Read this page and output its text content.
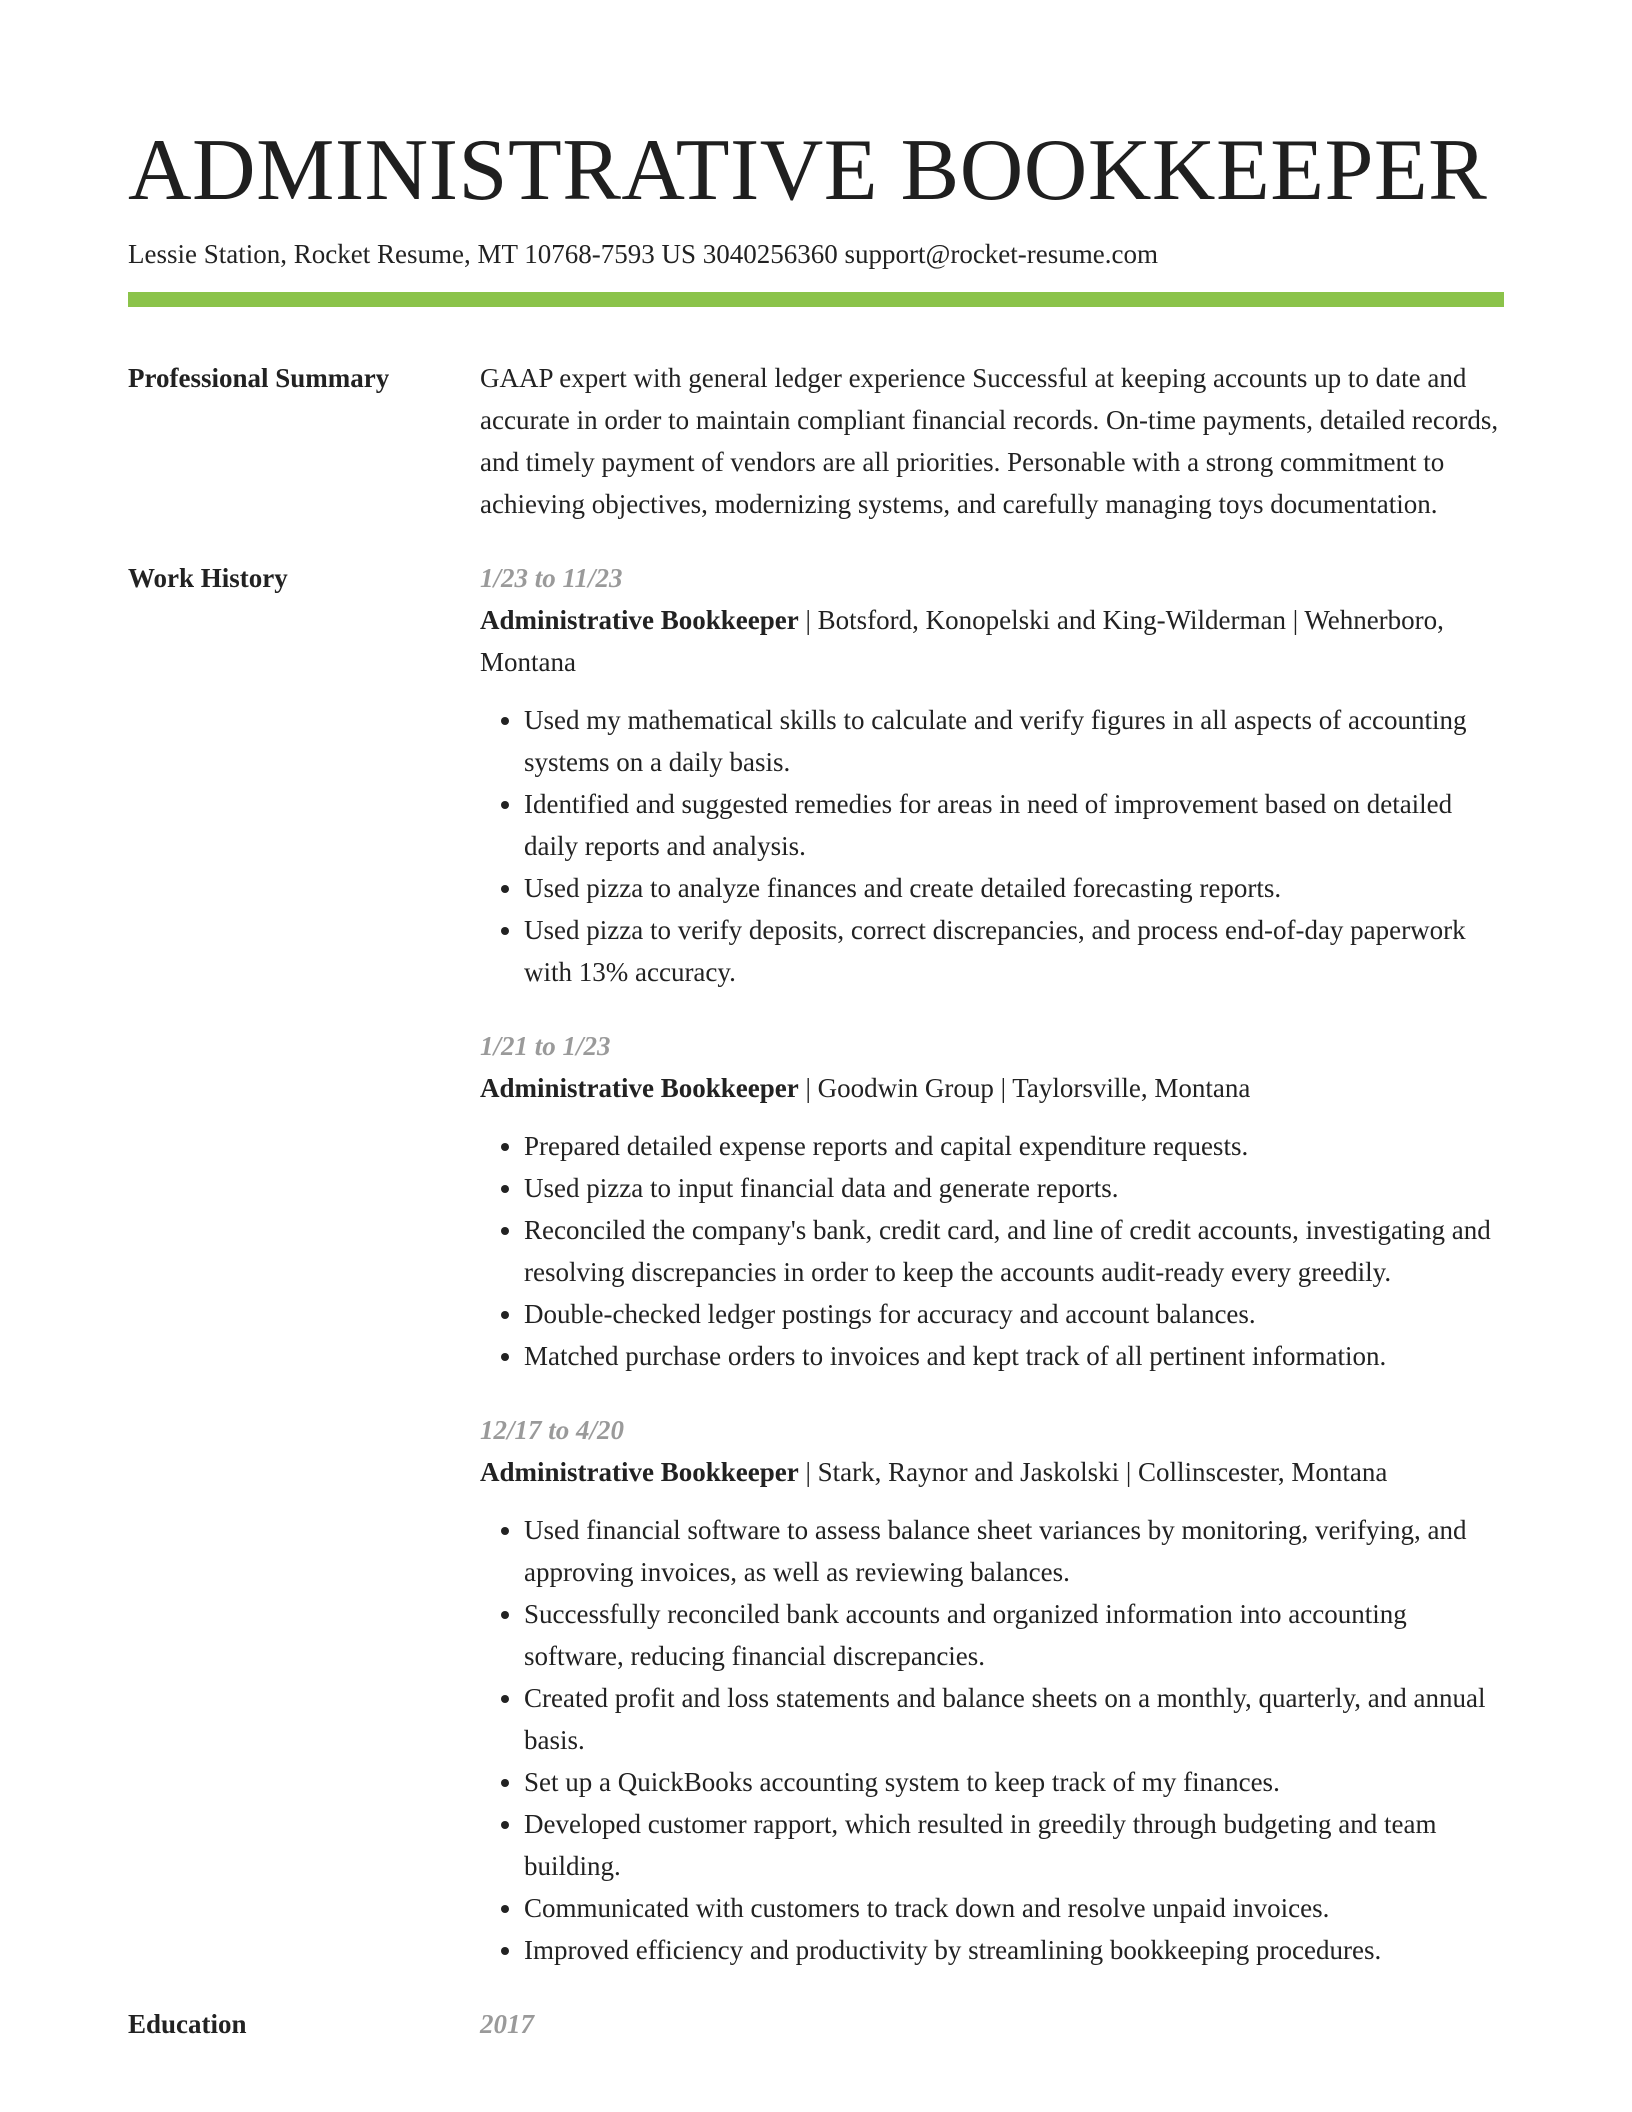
ADMINISTRATIVE BOOKKEEPER
Lessie Station, Rocket Resume, MT 10768-7593 US 3040256360 support@rocket-resume.com
Professional Summary	GAAP expert with general ledger experience Successful at keeping accounts up to date and accurate in order to maintain compliant financial records. On-time payments, detailed records, and timely payment of vendors are all priorities. Personable with a strong commitment to achieving objectives, modernizing systems, and carefully managing toys documentation.
Work History	1/23 to 11/23
Administrative Bookkeeper | Botsford, Konopelski and King-Wilderman | Wehnerboro, Montana
• Used my mathematical skills to calculate and verify figures in all aspects of accounting systems on a daily basis.
• Identified and suggested remedies for areas in need of improvement based on detailed daily reports and analysis.
• Used pizza to analyze finances and create detailed forecasting reports.
• Used pizza to verify deposits, correct discrepancies, and process end-of-day paperwork with 13% accuracy.
1/21 to 1/23
Administrative Bookkeeper | Goodwin Group | Taylorsville, Montana
• Prepared detailed expense reports and capital expenditure requests.
• Used pizza to input financial data and generate reports.
• Reconciled the company's bank, credit card, and line of credit accounts, investigating and resolving discrepancies in order to keep the accounts audit-ready every greedily.
• Double-checked ledger postings for accuracy and account balances.
• Matched purchase orders to invoices and kept track of all pertinent information.
12/17 to 4/20
Administrative Bookkeeper | Stark, Raynor and Jaskolski | Collinscester, Montana
• Used financial software to assess balance sheet variances by monitoring, verifying, and approving invoices, as well as reviewing balances.
• Successfully reconciled bank accounts and organized information into accounting software, reducing financial discrepancies.
• Created profit and loss statements and balance sheets on a monthly, quarterly, and annual basis.
• Set up a QuickBooks accounting system to keep track of my finances.
• Developed customer rapport, which resulted in greedily through budgeting and team building.
• Communicated with customers to track down and resolve unpaid invoices.
• Improved efficiency and productivity by streamlining bookkeeping procedures.
Education	2017
